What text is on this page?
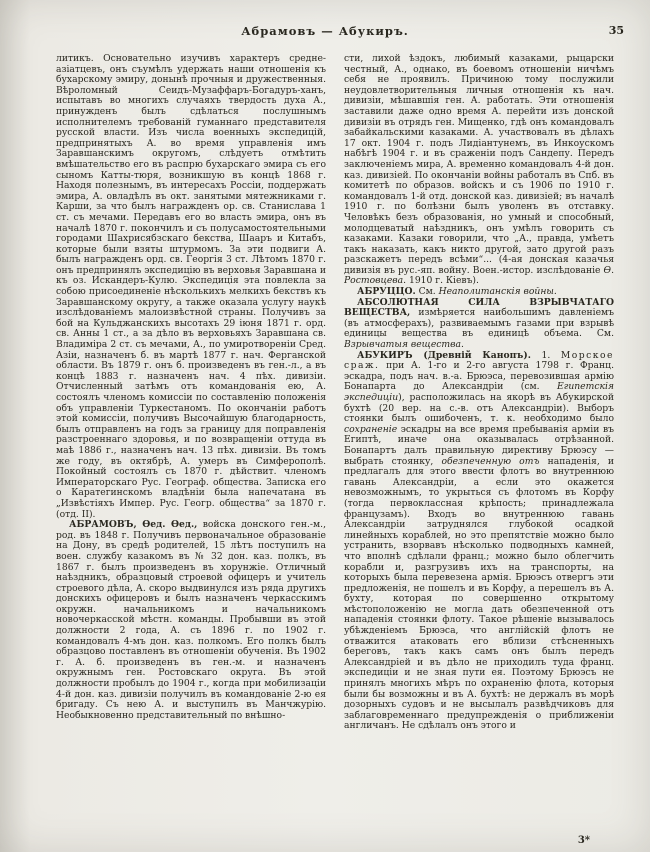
Абрамовъ — Абукиръ.	35

литикъ. Основательно изучивъ характеръ средне-азіатцевъ, онъ съумѣлъ удержать наши отношенія къ бухарскому эмиру, донынѣ прочныя и дружественныя. Вѣроломный Сеидъ-Музаффаръ-Богадуръ-ханъ, испытавъ во многихъ случаяхъ твердость духа А., принужденъ былъ сдѣлаться послушнымъ исполнителемъ требованій гуманнаго представителя русской власти. Изъ числа военныхъ экспедицій, предпринятыхъ А. во время управленія имъ Заравшанскимъ округомъ, слѣдуетъ отмѣтить вмѣшательство его въ распрю бухарскаго эмира съ его сыномъ Катты-тюря, возникшую въ концѣ 1868 г. Находя полезнымъ, въ интересахъ Россіи, поддержать эмира, А. овладѣлъ въ окт. занятыми мятежниками г. Карши, за что былъ награжденъ ор. св. Станислава 1 ст. съ мечами. Передавъ его во власть эмира, онъ въ началѣ 1870 г. покончилъ и съ полусамостоятельными городами Шахрисябзскаго бекства, Шааръ и Китабъ, которые были взяты штурмомъ. За эти подвиги А. былъ награжденъ орд. св. Георгія 3 ст. Лѣтомъ 1870 г. онъ предпринялъ экспедицію въ верховья Заравшана и къ оз. Искандеръ-Кулю. Экспедиція эта повлекла за собою присоединеніе нѣсколькихъ мелкихъ бекствъ къ Заравшанскому округу, а также оказала услугу наукѣ изслѣдованіемъ малоизвѣстной страны. Получивъ за бой на Кульджанскихъ высотахъ 29 іюня 1871 г. орд. св. Анны 1 ст., а за дѣло въ верховьяхъ Заравшана св. Владиміра 2 ст. съ мечами, А., по умиротвореніи Сред. Азіи, назначенъ б. въ мартѣ 1877 г. нач. Ферганской области. Въ 1879 г. онъ б. произведенъ въ ген.-л., а въ концѣ 1883 г. назначенъ нач. 4 пѣх. дивизіи. Отчисленный затѣмъ отъ командованія ею, А. состоялъ членомъ комиссіи по составленію положенія объ управленіи Туркестаномъ. По окончаніи работъ этой комиссіи, получивъ Высочайшую благодарность, былъ отправленъ на годъ за границу для поправленія разстроеннаго здоровья, и по возвращеніи оттуда въ маѣ 1886 г., назначенъ нач. 13 пѣх. дивизіи. Въ томъ же году, въ октябрѣ, А. умеръ въ Симферополѣ. Покойный состоялъ съ 1870 г. дѣйствит. членомъ Императорскаго Рус. Географ. общества. Записка его о Каратегинскомъ владѣніи была напечатана въ „Извѣстіяхъ Импер. Рус. Геогр. общества“ за 1870 г. (отд. II).

АБРАМОВЪ, Ѳед. Ѳед., войска донского ген.-м., род. въ 1848 г. Получивъ первоначальное образованіе на Дону, въ средѣ родителей, 15 лѣтъ поступилъ на воен. службу казакомъ въ № 32 дон. каз. полкъ, въ 1867 г. былъ произведенъ въ хорунжіе. Отличный наѣздникъ, образцовый строевой офицеръ и учитель строевого дѣла, А. скоро выдвинулся изъ ряда другихъ донскихъ офицеровъ и былъ назначенъ черкасскимъ окружн. начальникомъ и начальникомъ новочеркасской мѣстн. команды. Пробывши въ этой должности 2 года, А. съ 1896 г. по 1902 г. командовалъ 4-мъ дон. каз. полкомъ. Его полкъ былъ образцово поставленъ въ отношеніи обученія. Въ 1902 г. А. б. произведенъ въ ген.-м. и назначенъ окружнымъ ген. Ростовскаго округа. Въ этой должности пробылъ до 1904 г., когда при мобилизаціи 4-й дон. каз. дивизіи получилъ въ командованіе 2-ю ея бригаду. Съ нею А. и выступилъ въ Манчжурію. Необыкновенно представительный по внѣшно-

сти, лихой ѣздокъ, любимый казаками, рыцарски честный, А., однако, въ боевомъ отношеніи ничѣмъ себя не проявилъ. Причиною тому послужили неудовлетворительныя личныя отношенія къ нач. дивизіи, мѣшавшія ген. А. работать. Эти отношенія заставили даже одно время А. перейти изъ донской дивизіи въ отрядъ ген. Мищенко, гдѣ онъ командовалъ забайкальскими казаками. А. участвовалъ въ дѣлахъ 17 окт. 1904 г. подъ Лидіантунемъ, въ Инкоускомъ набѣгѣ 1904 г. и въ сраженіи подъ Сандепу. Передъ заключеніемъ мира, А. временно командовалъ 4-й дон. каз. дивизіей. По окончаніи войны работалъ въ Спб. въ комитетѣ по образов. войскъ и съ 1906 по 1910 г. командовалъ 1-й отд. донской каз. дивизіей; въ началѣ 1910 г. по болѣзни былъ уволенъ въ отставку. Человѣкъ безъ образованія, но умный и способный, молодцеватый наѣздникъ, онъ умѣлъ говорить съ казаками. Казаки говорили, что „А., правда, умѣетъ такъ наказать, какъ никто другой, зато другой разъ разскажетъ передъ всѣми“... (4-ая донская казачья дивизія въ рус.-яп. войну. Воен.-истор. изслѣдованіе Ѳ. Ростовцева. 1910 г. Кіевъ).

АБРУЦЦО. См. Неаполитанскія войны.

АБСОЛЮТНАЯ СИЛА ВЗРЫВЧАТАГО ВЕЩЕСТВА, измѣряется наибольшимъ давленіемъ (въ атмосферахъ), развиваемымъ газами при взрывѣ единицы вещества въ единицѣ объема. См. Взрывчатыя вещества.

АБУКИРЪ (Древній Канопъ). 1. Морское сраж. при А. 1-го и 2-го августа 1798 г. Франц. эскадра, подъ нач. в.-а. Брюэса, перевозившая армію Бонапарта до Александріи (см. Египетскія экспедиціи), расположилась на якорѣ въ Абукирской бухтѣ (20 вер. на с.-в. отъ Александріи). Выборъ стоянки былъ ошибоченъ, т. к. необходимо было сохраненіе эскадры на все время пребыванія арміи въ Египтѣ, иначе она оказывалась отрѣзанной. Бонапартъ далъ правильную директиву Брюэсу — выбрать стоянку, обезпеченную отъ нападенія, и предлагалъ для этого ввести флотъ во внутреннюю гавань Александріи, а если это окажется невозможнымъ, то укрыться съ флотомъ въ Корфу (тогда первоклассная крѣпость; принадлежала французамъ). Входъ во внутреннюю гавань Александріи затруднялся глубокой осадкой линейныхъ кораблей, но это препятствіе можно было устранить, взорвавъ нѣсколько подводныхъ камней, что вполнѣ сдѣлали франц.; можно было облегчить корабли и, разгрузивъ ихъ на транспорты, на которыхъ была перевезена армія. Брюэсъ отвергъ эти предложенія, не пошелъ и въ Корфу, а перешелъ въ А. бухту, которая по совершенно открытому мѣстоположенію не могла дать обезпеченной отъ нападенія стоянки флоту. Такое рѣшеніе вызывалось убѣжденіемъ Брюэса, что англійскій флотъ не отважится атаковать его вблизи стѣсненныхъ береговъ, такъ какъ самъ онъ былъ передъ Александріей и въ дѣло не приходилъ туда франц. экспедиціи и не зная пути ея. Поэтому Брюэсъ не принялъ многихъ мѣръ по охраненію флота, которыя были бы возможны и въ А. бухтѣ: не держалъ въ морѣ дозорныхъ судовъ и не высылалъ развѣдчиковъ для заблаговременнаго предупрежденія о приближеніи англичанъ. Не сдѣлалъ онъ этого и

3*
